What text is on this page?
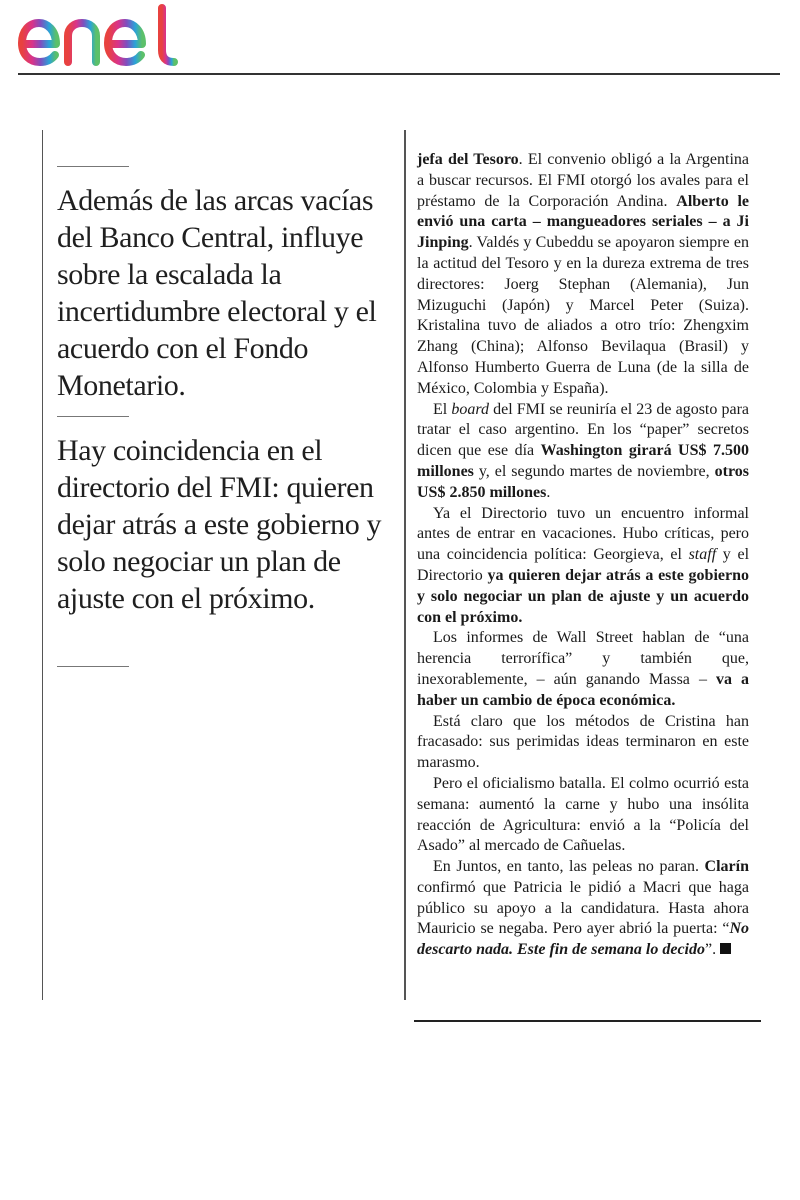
Además de las arcas vacías del Banco Central, influye sobre la escalada la incertidumbre electoral y el acuerdo con el Fondo Monetario.

Hay coincidencia en el directorio del FMI: quieren dejar atrás a este gobierno y solo negociar un plan de ajuste con el próximo.

jefa del Tesoro. El convenio obligó a la Argentina a buscar recursos. El FMI otorgó los avales para el préstamo de la Corporación Andina. Alberto le envió una carta – mangueadores seriales – a Ji Jinping. Valdés y Cubeddu se apoyaron siempre en la actitud del Tesoro y en la dureza extrema de tres directores: Joerg Stephan (Alemania), Jun Mizuguchi (Japón) y Marcel Peter (Suiza). Kristalina tuvo de aliados a otro trío: Zhengxim Zhang (China); Alfonso Bevilaqua (Brasil) y Alfonso Humberto Guerra de Luna (de la silla de México, Colombia y España).

El board del FMI se reuniría el 23 de agosto para tratar el caso argentino. En los “paper” secretos dicen que ese día Washington girará US$ 7.500 millones y, el segundo martes de noviembre, otros US$ 2.850 millones.

Ya el Directorio tuvo un encuentro informal antes de entrar en vacaciones. Hubo críticas, pero una coincidencia política: Georgieva, el staff y el Directorio ya quieren dejar atrás a este gobierno y solo negociar un plan de ajuste y un acuerdo con el próximo.

Los informes de Wall Street hablan de “una herencia terrorífica” y también que, inexorablemente, – aún ganando Massa – va a haber un cambio de época económica.

Está claro que los métodos de Cristina han fracasado: sus perimidas ideas terminaron en este marasmo.

Pero el oficialismo batalla. El colmo ocurrió esta semana: aumentó la carne y hubo una insólita reacción de Agricultura: envió a la “Policía del Asado” al mercado de Cañuelas.

En Juntos, en tanto, las peleas no paran. Clarín confirmó que Patricia le pidió a Macri que haga público su apoyo a la candidatura. Hasta ahora Mauricio se negaba. Pero ayer abrió la puerta: “No descarto nada. Este fin de semana lo decido”.
